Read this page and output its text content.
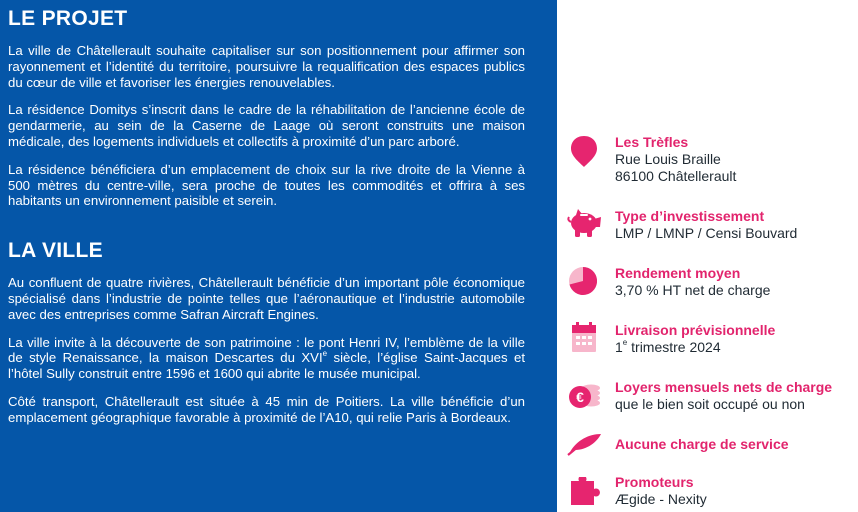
LE PROJET

La ville de Châtellerault souhaite capitaliser sur son positionnement pour affirmer son rayonnement et l’identité du territoire, poursuivre la requalification des espaces publics du cœur de ville et favoriser les énergies renouvelables.

La résidence Domitys s’inscrit dans le cadre de la réhabilitation de l’ancienne école de gendarmerie, au sein de la Caserne de Laage où seront construits une maison médicale, des logements individuels et collectifs à proximité d’un parc arboré.

La résidence bénéficiera d’un emplacement de choix sur la rive droite de la Vienne à 500 mètres du centre-ville, sera proche de toutes les commodités et offrira à ses habitants un environnement paisible et serein.

LA VILLE

Au confluent de quatre rivières, Châtellerault bénéficie d’un important pôle économique spécialisé dans l’industrie de pointe telles que l’aéronautique et l’industrie automobile avec des entreprises comme Safran Aircraft Engines.

La ville invite à la découverte de son patrimoine : le pont Henri IV, l’emblème de la ville de style Renaissance, la maison Descartes du XVIe siècle, l’église Saint-Jacques et l’hôtel Sully construit entre 1596 et 1600 qui abrite le musée municipal.

Côté transport, Châtellerault est située à 45 min de Poitiers. La ville bénéficie d’un emplacement géographique favorable à proximité de l’A10, qui relie Paris à Bordeaux.

Les Trèfles
Rue Louis Braille
86100 Châtellerault
Type d’investissement
LMP / LMNP / Censi Bouvard
Rendement moyen
3,70 % HT net de charge
Livraison prévisionnelle
1e trimestre 2024
€
Loyers mensuels nets de charge
que le bien soit occupé ou non
Aucune charge de service
Promoteurs
Ægide - Nexity
